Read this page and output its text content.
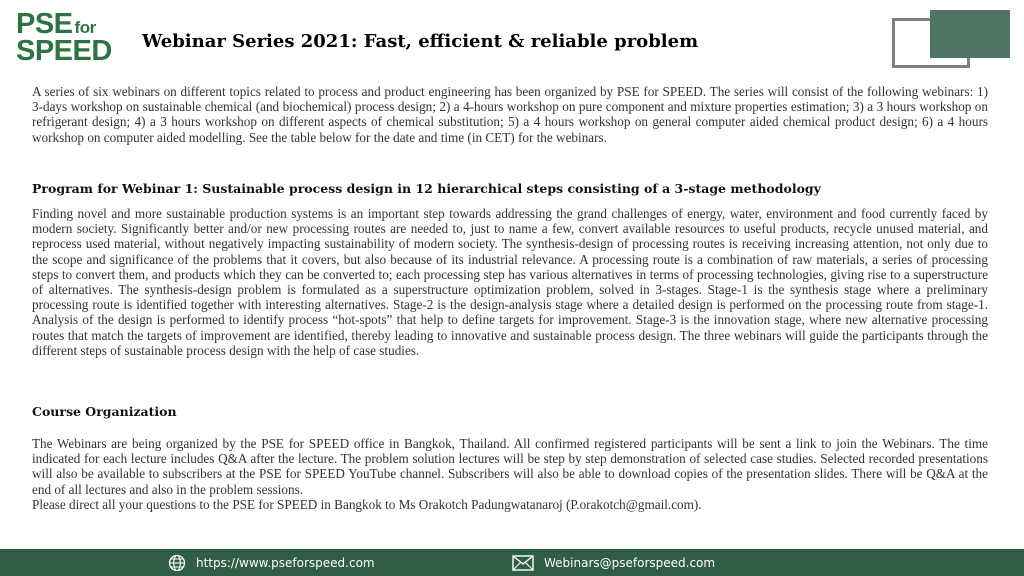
PSE for
SPEED Webinar Series 2021: Fast, efficient & reliable problem

A series of six webinars on different topics related to process and product engineering has been organized by PSE for SPEED. The series will consist of the following webinars: 1) 3-days workshop on sustainable chemical (and biochemical) process design; 2) a 4-hours workshop on pure component and mixture properties estimation; 3) a 3 hours workshop on refrigerant design; 4) a 3 hours workshop on different aspects of chemical substitution; 5) a 4 hours workshop on general computer aided chemical product design; 6) a 4 hours workshop on computer aided modelling. See the table below for the date and time (in CET) for the webinars.

Program for Webinar 1: Sustainable process design in 12 hierarchical steps consisting of a 3-stage methodology

Finding novel and more sustainable production systems is an important step towards addressing the grand challenges of energy, water, environment and food currently faced by modern society. Significantly better and/or new processing routes are needed to, just to name a few, convert available resources to useful products, recycle unused material, and reprocess used material, without negatively impacting sustainability of modern society. The synthesis-design of processing routes is receiving increasing attention, not only due to the scope and significance of the problems that it covers, but also because of its industrial relevance. A processing route is a combination of raw materials, a series of processing steps to convert them, and products which they can be converted to; each processing step has various alternatives in terms of processing technologies, giving rise to a superstructure of alternatives. The synthesis-design problem is formulated as a superstructure optimization problem, solved in 3-stages. Stage-1 is the synthesis stage where a preliminary processing route is identified together with interesting alternatives. Stage-2 is the design-analysis stage where a detailed design is performed on the processing route from stage-1. Analysis of the design is performed to identify process “hot-spots” that help to define targets for improvement. Stage-3 is the innovation stage, where new alternative processing routes that match the targets of improvement are identified, thereby leading to innovative and sustainable process design. The three webinars will guide the participants through the different steps of sustainable process design with the help of case studies.

Course Organization
The Webinars are being organized by the PSE for SPEED office in Bangkok, Thailand. All confirmed registered participants will be sent a link to join the Webinars. The time indicated for each lecture includes Q&A after the lecture. The problem solution lectures will be step by step demonstration of selected case studies. Selected recorded presentations will also be available to subscribers at the PSE for SPEED YouTube channel. Subscribers will also be able to download copies of the presentation slides. There will be Q&A at the end of all lectures and also in the problem sessions.
Please direct all your questions to the PSE for SPEED in Bangkok to Ms Orakotch Padungwatanaroj (P.orakotch@gmail.com).
https://www.pseforspeed.com	Webinars@pseforspeed.com
